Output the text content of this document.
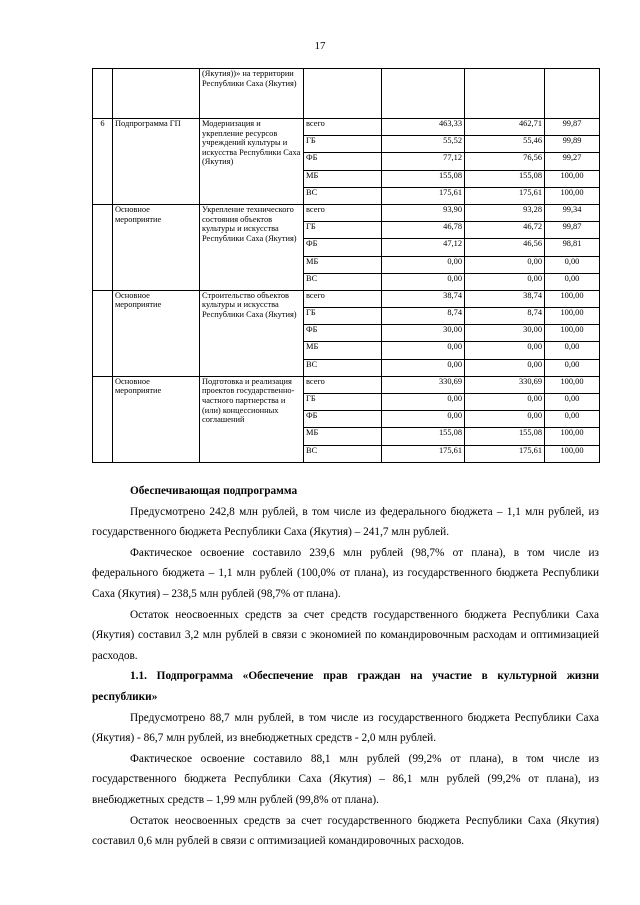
17
		(Якутия))» на территории Республики Саха (Якутия)				
6	Подпрограмма ГП	Модернизация и укрепление ресурсов учреждений культуры и искусства Республики Саха (Якутия)	всего	463,33	462,71	99,87
			ГБ	55,52	55,46	99,89
			ФБ	77,12	76,56	99,27
			МБ	155,08	155,08	100,00
			ВС	175,61	175,61	100,00
	Основное мероприятие	Укрепление технического состояния объектов культуры и искусства Республики Саха (Якутия)	всего	93,90	93,28	99,34
			ГБ	46,78	46,72	99,87
			ФБ	47,12	46,56	98,81
			МБ	0,00	0,00	0,00
			ВС	0,00	0,00	0,00
	Основное мероприятие	Строительство объектов культуры и искусства Республики Саха (Якутия)	всего	38,74	38,74	100,00
			ГБ	8,74	8,74	100,00
			ФБ	30,00	30,00	100,00
			МБ	0,00	0,00	0,00
			ВС	0,00	0,00	0,00
	Основное мероприятие	Подготовка и реализация проектов государственно-частного партнерства и (или) концессионных соглашений	всего	330,69	330,69	100,00
			ГБ	0,00	0,00	0,00
			ФБ	0,00	0,00	0,00
			МБ	155,08	155,08	100,00
			ВС	175,61	175,61	100,00

Обеспечивающая подпрограмма

Предусмотрено 242,8 млн рублей, в том числе из федерального бюджета – 1,1 млн рублей, из государственного бюджета Республики Саха (Якутия) – 241,7 млн рублей.

Фактическое освоение составило 239,6 млн рублей (98,7% от плана), в том числе из федерального бюджета – 1,1 млн рублей (100,0% от плана), из государственного бюджета Республики Саха (Якутия) – 238,5 млн рублей (98,7% от плана).

Остаток неосвоенных средств за счет средств государственного бюджета Республики Саха (Якутия) составил 3,2 млн рублей в связи с экономией по командировочным расходам и оптимизацией расходов.

1.1. Подпрограмма «Обеспечение прав граждан на участие в культурной жизни республики»

Предусмотрено 88,7 млн рублей, в том числе из государственного бюджета Республики Саха (Якутия) - 86,7 млн рублей, из внебюджетных средств - 2,0 млн рублей.

Фактическое освоение составило 88,1 млн рублей (99,2% от плана), в том числе из государственного бюджета Республики Саха (Якутия) – 86,1 млн рублей (99,2% от плана), из внебюджетных средств – 1,99 млн рублей (99,8% от плана).

Остаток неосвоенных средств за счет государственного бюджета Республики Саха (Якутия) составил 0,6 млн рублей в связи с оптимизацией командировочных расходов.
